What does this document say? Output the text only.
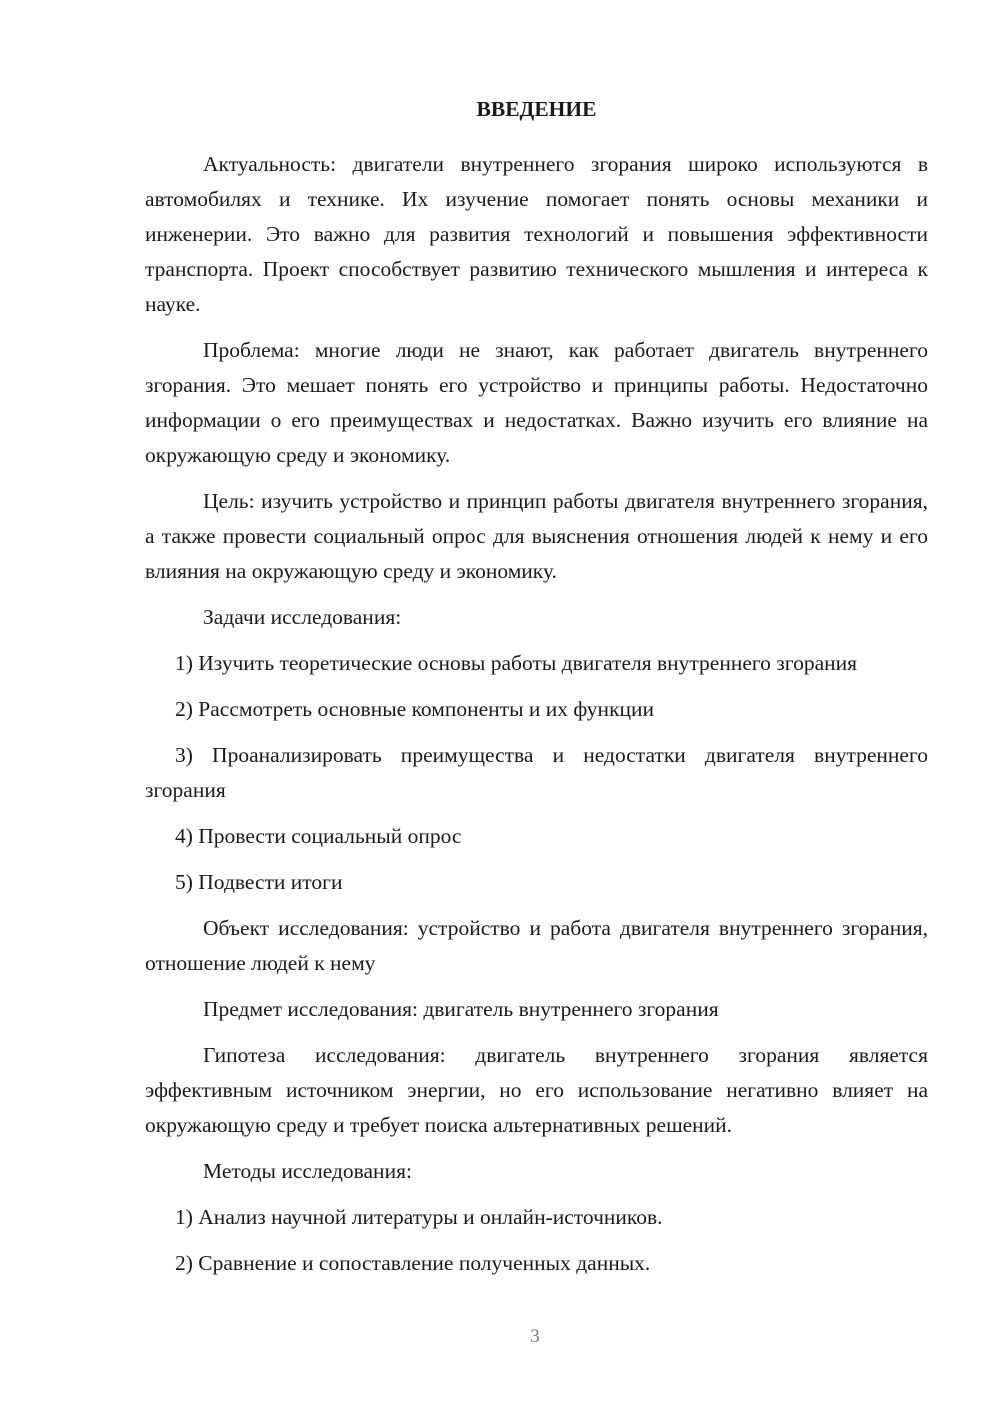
ВВЕДЕНИЕ

Актуальность: двигатели внутреннего згорания широко используются в автомобилях и технике. Их изучение помогает понять основы механики и инженерии. Это важно для развития технологий и повышения эффективности транспорта. Проект способствует развитию технического мышления и интереса к науке.

Проблема: многие люди не знают, как работает двигатель внутреннего згорания. Это мешает понять его устройство и принципы работы. Недостаточно информации о его преимуществах и недостатках. Важно изучить его влияние на окружающую среду и экономику.

Цель: изучить устройство и принцип работы двигателя внутреннего згорания, а также провести социальный опрос для выяснения отношения людей к нему и его влияния на окружающую среду и экономику.

Задачи исследования:

1) Изучить теоретические основы работы двигателя внутреннего згорания

2) Рассмотреть основные компоненты и их функции

3) Проанализировать преимущества и недостатки двигателя внутреннего згорания

4) Провести социальный опрос

5) Подвести итоги

Объект исследования: устройство и работа двигателя внутреннего згорания, отношение людей к нему

Предмет исследования: двигатель внутреннего згорания

Гипотеза исследования: двигатель внутреннего згорания является эффективным источником энергии, но его использование негативно влияет на окружающую среду и требует поиска альтернативных решений.

Методы исследования:

1) Анализ научной литературы и онлайн-источников.

2) Сравнение и сопоставление полученных данных.

3
